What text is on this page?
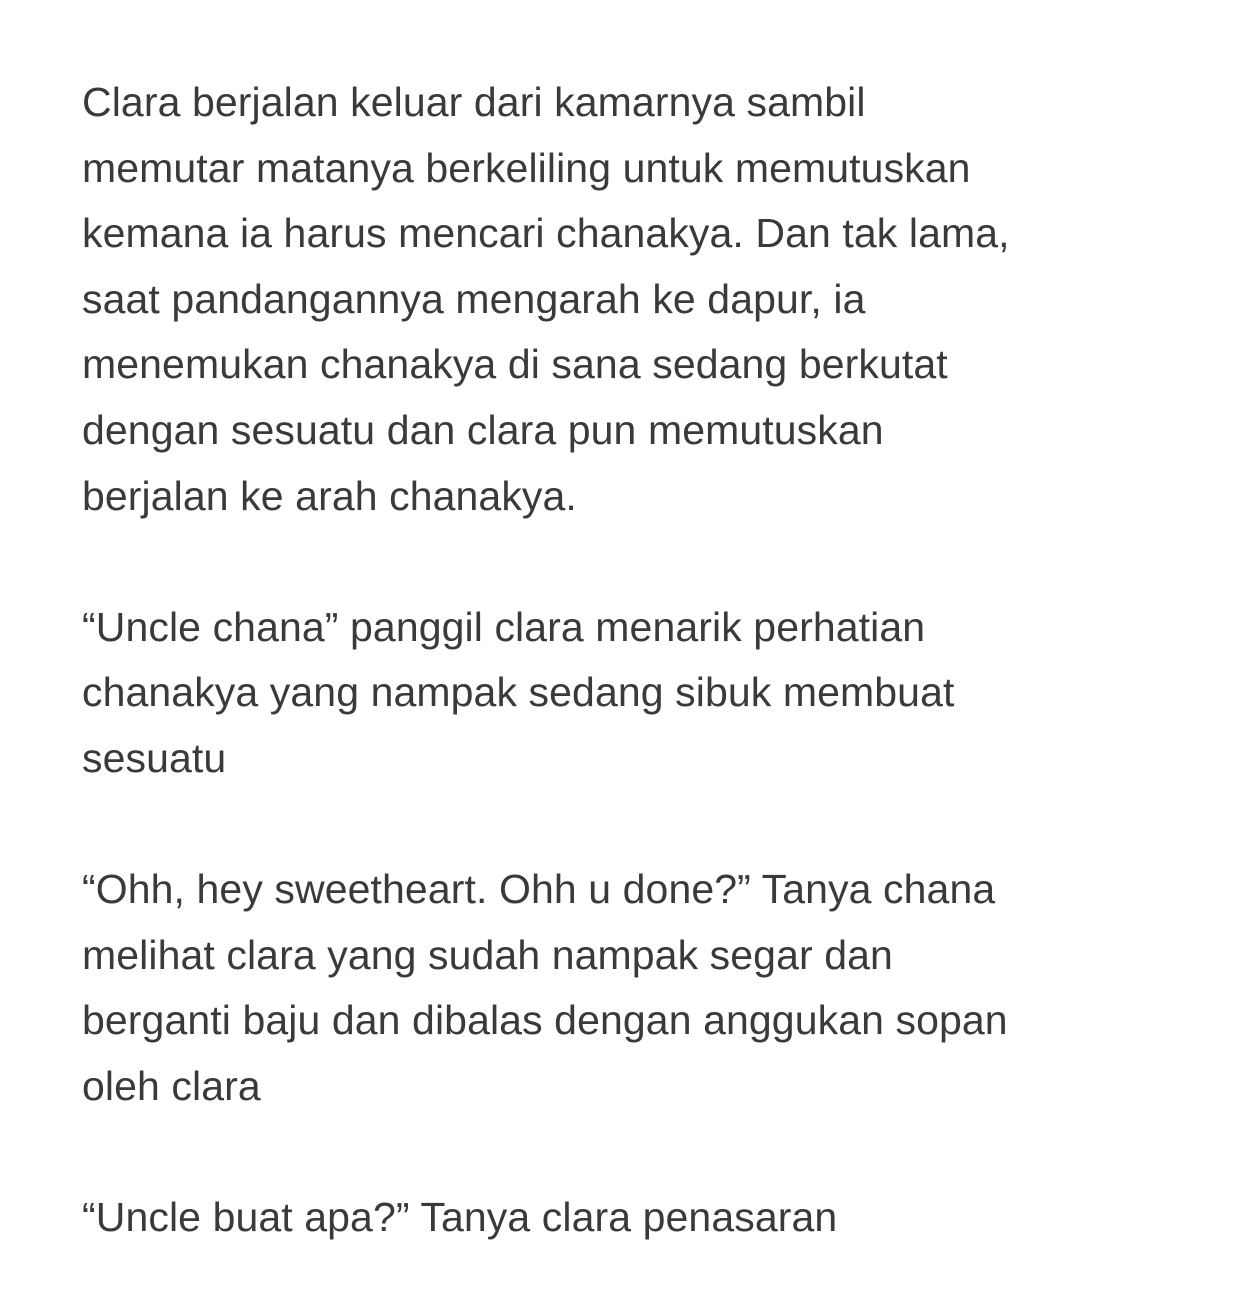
Clara berjalan keluar dari kamarnya sambil
memutar matanya berkeliling untuk memutuskan
kemana ia harus mencari chanakya. Dan tak lama,
saat pandangannya mengarah ke dapur, ia
menemukan chanakya di sana sedang berkutat
dengan sesuatu dan clara pun memutuskan
berjalan ke arah chanakya.

“Uncle chana” panggil clara menarik perhatian
chanakya yang nampak sedang sibuk membuat
sesuatu

“Ohh, hey sweetheart. Ohh u done?” Tanya chana
melihat clara yang sudah nampak segar dan
berganti baju dan dibalas dengan anggukan sopan
oleh clara

“Uncle buat apa?” Tanya clara penasaran
